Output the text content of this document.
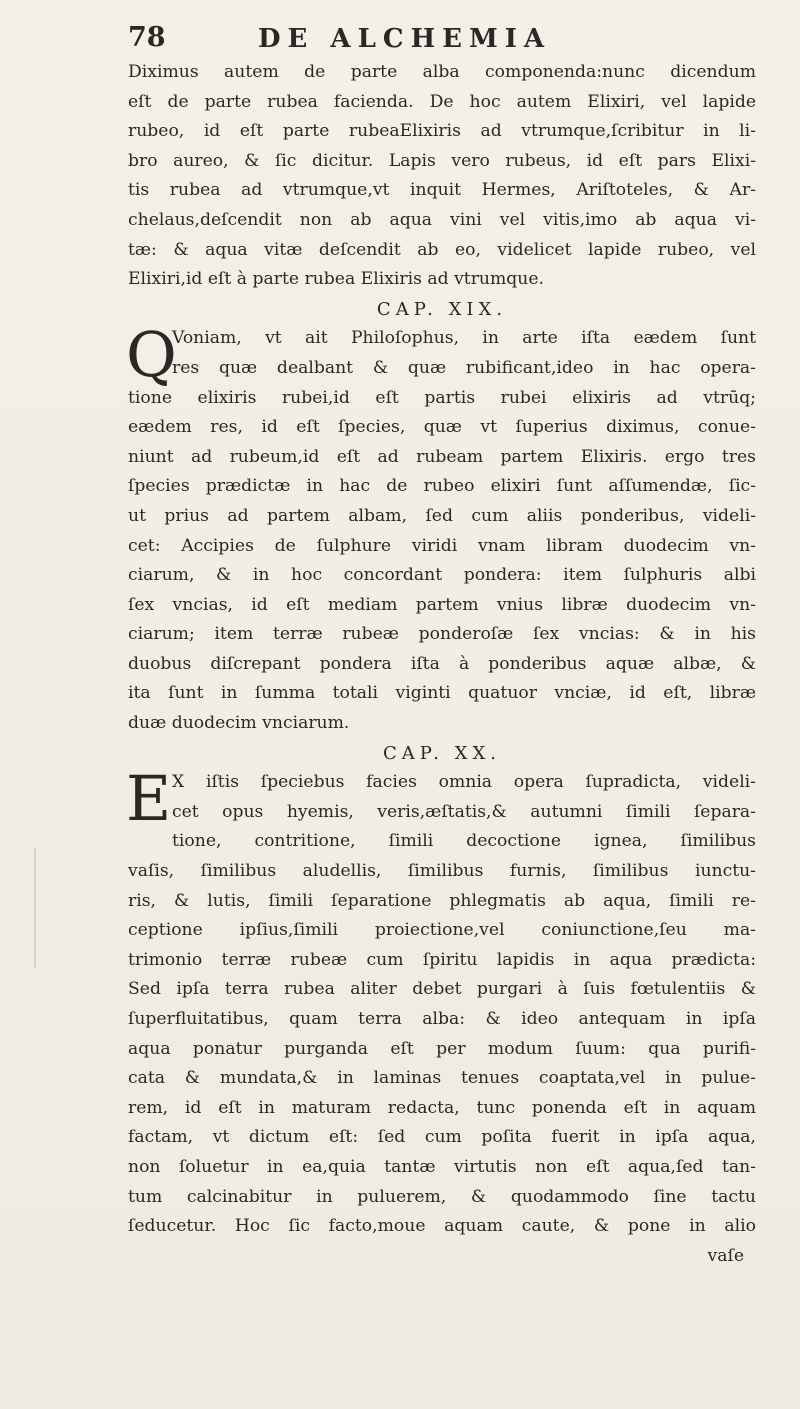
78	DE ALCHEMIA
Diximus autem de parte alba componenda:nunc dicendum
eſt de parte rubea facienda. De hoc autem Elixiri, vel lapide
rubeo, id eſt parte rubeaElixiris ad vtrumque,ſcribitur in li-
bro aureo, & ſic dicitur. Lapis vero rubeus, id eſt pars Elixi-
tis rubea ad vtrumque,vt inquit Hermes, Ariſtoteles, & Ar-
chelaus,deſcendit non ab aqua vini vel vitis,imo ab aqua vi-
tæ: & aqua vitæ deſcendit ab eo, videlicet lapide rubeo, vel
Elixiri,id eſt à parte rubea Elixiris ad vtrumque.
CAP. XIX.
Q
Voniam, vt ait Philoſophus, in arte iſta eædem ſunt
res quæ dealbant & quæ rubificant,ideo in hac opera-
tione elixiris rubei,id eſt partis rubei elixiris ad vtrūq;
eædem res, id eſt ſpecies, quæ vt ſuperius diximus, conue-
niunt ad rubeum,id eſt ad rubeam partem Elixiris. ergo tres
ſpecies prædictæ in hac de rubeo elixiri ſunt aſſumendæ, ſic-
ut prius ad partem albam, ſed cum aliis ponderibus, videli-
cet: Accipies de ſulphure viridi vnam libram duodecim vn-
ciarum, & in hoc concordant pondera: item ſulphuris albi
ſex vncias, id eſt mediam partem vnius libræ duodecim vn-
ciarum; item terræ rubeæ ponderoſæ ſex vncias: & in his
duobus diſcrepant pondera iſta à ponderibus aquæ albæ, &
ita ſunt in ſumma totali viginti quatuor vnciæ, id eſt, libræ
duæ duodecim vnciarum.
CAP. XX.
E X iſtis ſpeciebus facies omnia opera ſupradicta, videli-
cet opus hyemis, veris,æſtatis,& autumni ſimili ſepara-
tione, contritione, ſimili decoctione ignea, ſimilibus
vaſis, ſimilibus aludellis, ſimilibus furnis, ſimilibus iunctu-
ris, & lutis, ſimili ſeparatione phlegmatis ab aqua, ſimili re-
ceptione ipſius,ſimili proiectione,vel coniunctione,ſeu ma-
trimonio terræ rubeæ cum ſpiritu lapidis in aqua prædicta:
Sed ipſa terra rubea aliter debet purgari à ſuis fœtulentiis &
ſuperfluitatibus, quam terra alba: & ideo antequam in ipſa
aqua ponatur purganda eſt per modum ſuum: qua purifi-
cata & mundata,& in laminas tenues coaptata,vel in pulue-
rem, id eſt in maturam redacta, tunc ponenda eſt in aquam
factam, vt dictum eſt: ſed cum poſita fuerit in ipſa aqua,
non ſoluetur in ea,quia tantæ virtutis non eſt aqua,ſed tan-
tum calcinabitur in puluerem, & quodammodo ſine tactu
ſeducetur. Hoc ſic facto,moue aquam caute, & pone in alio
vaſe
